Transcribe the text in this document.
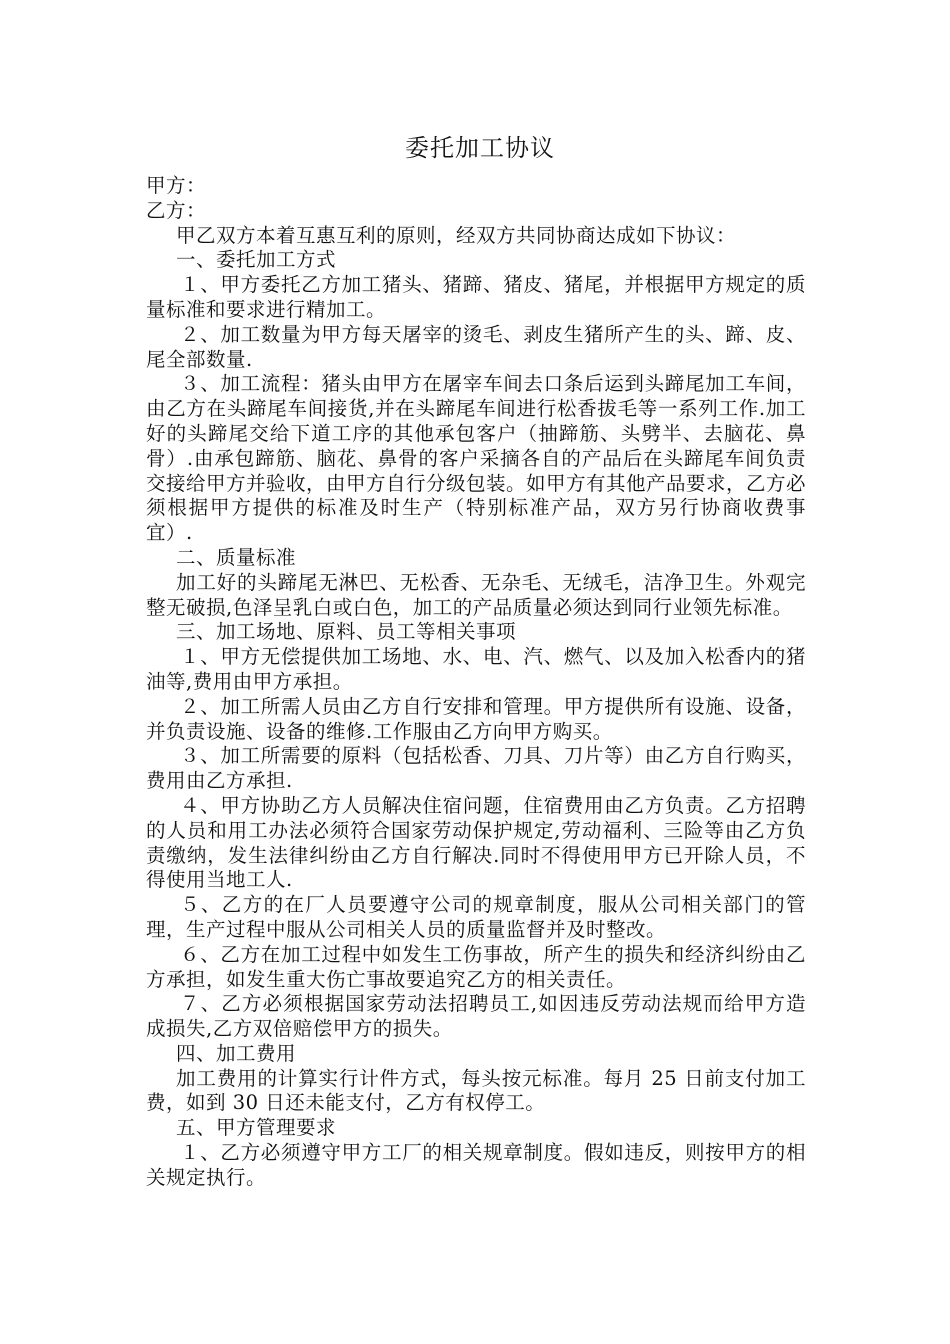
委托加工协议
甲方：
乙方：

甲乙双方本着互惠互利的原则，经双方共同协商达成如下协议：

一、委托加工方式

１、甲方委托乙方加工猪头、猪蹄、猪皮、猪尾，并根据甲方规定的质量标准和要求进行精加工。

２、加工数量为甲方每天屠宰的烫毛、剥皮生猪所产生的头、蹄、皮、尾全部数量.

３、加工流程：猪头由甲方在屠宰车间去口条后运到头蹄尾加工车间，由乙方在头蹄尾车间接货,并在头蹄尾车间进行松香拔毛等一系列工作.加工好的头蹄尾交给下道工序的其他承包客户（抽蹄筋、头劈半、去脑花、鼻骨）.由承包蹄筋、脑花、鼻骨的客户采摘各自的产品后在头蹄尾车间负责交接给甲方并验收，由甲方自行分级包装。如甲方有其他产品要求，乙方必须根据甲方提供的标准及时生产（特别标准产品，双方另行协商收费事宜）.

二、质量标准

加工好的头蹄尾无淋巴、无松香、无杂毛、无绒毛，洁净卫生。外观完整无破损,色泽呈乳白或白色，加工的产品质量必须达到同行业领先标准。

三、加工场地、原料、员工等相关事项

１、甲方无偿提供加工场地、水、电、汽、燃气、以及加入松香内的猪油等,费用由甲方承担。

２、加工所需人员由乙方自行安排和管理。甲方提供所有设施、设备，并负责设施、设备的维修.工作服由乙方向甲方购买。

３、加工所需要的原料（包括松香、刀具、刀片等）由乙方自行购买，费用由乙方承担.

４、甲方协助乙方人员解决住宿问题，住宿费用由乙方负责。乙方招聘的人员和用工办法必须符合国家劳动保护规定,劳动福利、三险等由乙方负责缴纳，发生法律纠纷由乙方自行解决.同时不得使用甲方已开除人员，不得使用当地工人.

５、乙方的在厂人员要遵守公司的规章制度，服从公司相关部门的管理，生产过程中服从公司相关人员的质量监督并及时整改。

６、乙方在加工过程中如发生工伤事故，所产生的损失和经济纠纷由乙方承担，如发生重大伤亡事故要追究乙方的相关责任。

７、乙方必须根据国家劳动法招聘员工,如因违反劳动法规而给甲方造成损失,乙方双倍赔偿甲方的损失。

四、加工费用

加工费用的计算实行计件方式，每头按元标准。每月 25 日前支付加工费，如到 30 日还未能支付，乙方有权停工。

五、甲方管理要求

１、乙方必须遵守甲方工厂的相关规章制度。假如违反，则按甲方的相关规定执行。
